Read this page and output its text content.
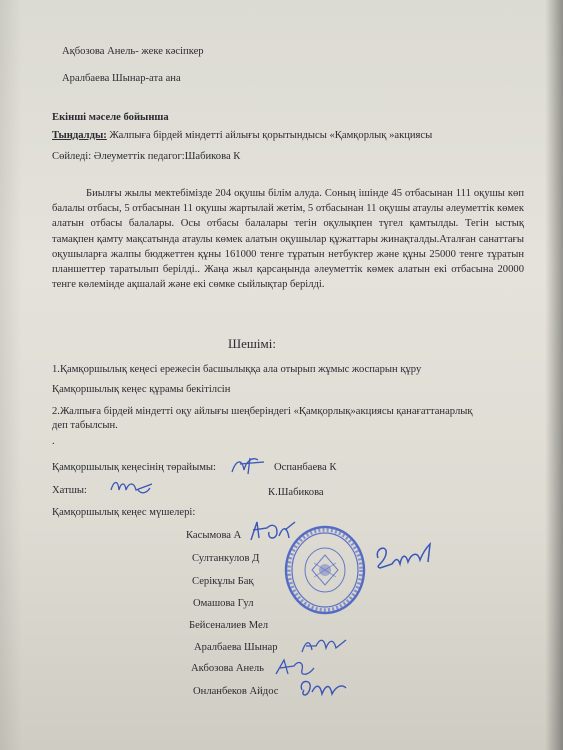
Ақбозова Анель- жеке кәсіпкер
Аралбаева Шынар-ата ана
Екінші мәселе бойынша
Тыңдалды: Жалпыға бірдей міндетті айлығы қорытындысы «Қамқорлық »акциясы
Сөйледі: Әлеуметтік педагог:Шабикова К

Биылғы жылы мектебімізде 204 оқушы білім алуда. Соның ішінде 45 отбасынан 111 оқушы көп балалы отбасы, 5 отбасынан 11 оқушы жартылай жетім, 5 отбасынан 11 оқушы атаулы әлеуметтік көмек алатын отбасы балалары. Осы отбасы балалары тегін оқулықпен түгел қамтылды. Тегін ыстық тамақпен қамту мақсатында атаулы көмек алатын оқушылар құжаттары жинақталды.Аталған санаттағы оқушыларға жалпы бюджеттен құны 161000 тенге тұратын нетбуктер және құны 25000 тенге тұратын планшеттер таратылып берілді.. Жаңа жыл қарсаңында әлеуметтік көмек алатын екі отбасына 20000 тенге көлемінде ақшалай және екі сөмке сыйлықтар берілді.

Шешімі:
1.Қамқоршылық кеңесі ережесін басшылыққа ала отырып жұмыс жоспарын құру
Қамқоршылық кеңес құрамы бекітілсін
2.Жалпыға бірдей міндетті оқу айлығы шеңберіндегі «Қамқорлық»акциясы қанағаттанарлық
деп табылсын.
.
Қамқоршылық кеңесінің төрайымы:	Оспанбаева К
Хатшы:	К.Шабикова
Қамқоршылық кеңес мүшелері:
Касымова А
Султанкулов Д
Серікұлы Бақ
Омашова Гул
Бейсеналиев Мел
Аралбаева Шынар
Акбозова Анель
Онланбеков Айдос
